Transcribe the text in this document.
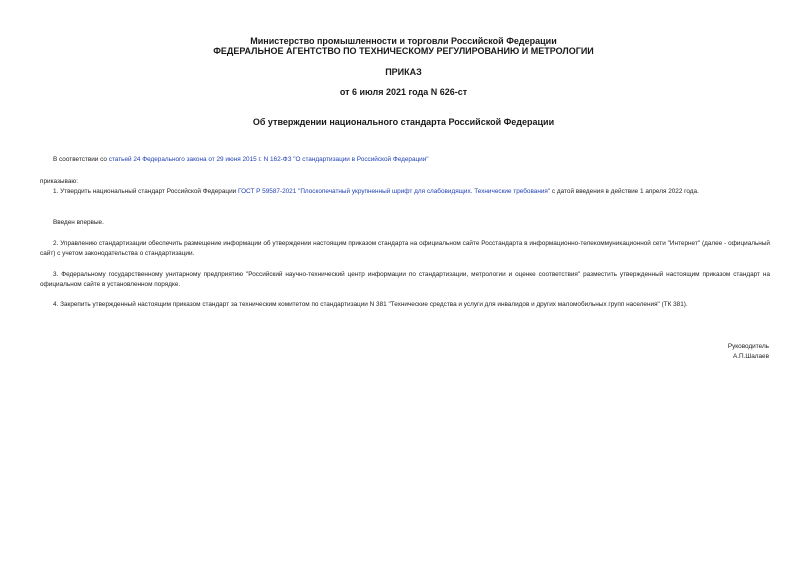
Министерство промышленности и торговли Российской Федерации
ФЕДЕРАЛЬНОЕ АГЕНТСТВО ПО ТЕХНИЧЕСКОМУ РЕГУЛИРОВАНИЮ И МЕТРОЛОГИИ
ПРИКАЗ
от 6 июля 2021 года N 626-ст
Об утверждении национального стандарта Российской Федерации
В соответствии со статьей 24 Федерального закона от 29 июня 2015 г. N 162-ФЗ "О стандартизации в Российской Федерации"
приказываю:
1. Утвердить национальный стандарт Российской Федерации ГОСТ Р 59587-2021 "Плоскопечатный укрупненный шрифт для слабовидящих. Технические требования" с датой введения в действие 1 апреля 2022 года.
Введен впервые.
2. Управлению стандартизации обеспечить размещение информации об утверждении настоящим приказом стандарта на официальном сайте Росстандарта в информационно-телекоммуникационной сети "Интернет" (далее - официальный сайт) с учетом законодательства о стандартизации.
3. Федеральному государственному унитарному предприятию "Российский научно-технический центр информации по стандартизации, метрологии и оценке соответствия" разместить утвержденный настоящим приказом стандарт на официальном сайте в установленном порядке.
4. Закрепить утвержденный настоящим приказом стандарт за техническим комитетом по стандартизации N 381 "Технические средства и услуги для инвалидов и других маломобильных групп населения" (ТК 381).
Руководитель
А.П.Шалаев
